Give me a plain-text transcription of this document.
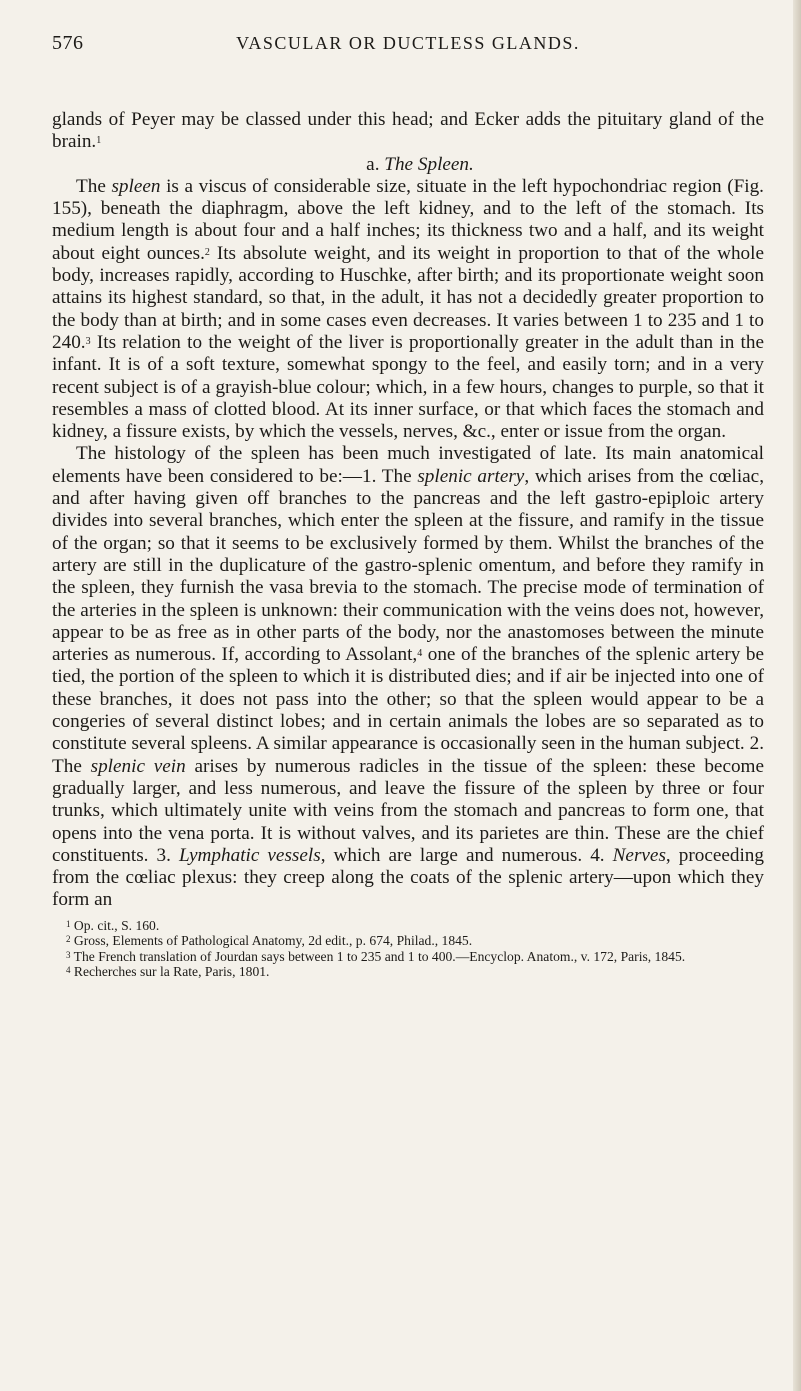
576	VASCULAR OR DUCTLESS GLANDS.

glands of Peyer may be classed under this head; and Ecker adds the pituitary gland of the brain.$^1$

a. The Spleen.

The spleen is a viscus of considerable size, situate in the left hypochondriac region (Fig. 155), beneath the diaphragm, above the left kidney, and to the left of the stomach. Its medium length is about four and a half inches; its thickness two and a half, and its weight about eight ounces.$^2$ Its absolute weight, and its weight in proportion to that of the whole body, increases rapidly, according to Huschke, after birth; and its proportionate weight soon attains its highest standard, so that, in the adult, it has not a decidedly greater proportion to the body than at birth; and in some cases even decreases. It varies between 1 to 235 and 1 to 240.$^3$ Its relation to the weight of the liver is proportionally greater in the adult than in the infant. It is of a soft texture, somewhat spongy to the feel, and easily torn; and in a very recent subject is of a grayish-blue colour; which, in a few hours, changes to purple, so that it resembles a mass of clotted blood. At its inner surface, or that which faces the stomach and kidney, a fissure exists, by which the vessels, nerves, &c., enter or issue from the organ.

The histology of the spleen has been much investigated of late. Its main anatomical elements have been considered to be:—1. The splenic artery, which arises from the cœliac, and after having given off branches to the pancreas and the left gastro-epiploic artery divides into several branches, which enter the spleen at the fissure, and ramify in the tissue of the organ; so that it seems to be exclusively formed by them. Whilst the branches of the artery are still in the duplicature of the gastro-splenic omentum, and before they ramify in the spleen, they furnish the vasa brevia to the stomach. The precise mode of termination of the arteries in the spleen is unknown: their communication with the veins does not, however, appear to be as free as in other parts of the body, nor the anastomoses between the minute arteries as numerous. If, according to Assolant,$^4$ one of the branches of the splenic artery be tied, the portion of the spleen to which it is distributed dies; and if air be injected into one of these branches, it does not pass into the other; so that the spleen would appear to be a congeries of several distinct lobes; and in certain animals the lobes are so separated as to constitute several spleens. A similar appearance is occasionally seen in the human subject. 2. The splenic vein arises by numerous radicles in the tissue of the spleen: these become gradually larger, and less numerous, and leave the fissure of the spleen by three or four trunks, which ultimately unite with veins from the stomach and pancreas to form one, that opens into the vena porta. It is without valves, and its parietes are thin. These are the chief constituents. 3. Lymphatic vessels, which are large and numerous. 4. Nerves, proceeding from the cœliac plexus: they creep along the coats of the splenic artery—upon which they form an

$^1$ Op. cit., S. 160.

$^2$ Gross, Elements of Pathological Anatomy, 2d edit., p. 674, Philad., 1845.

$^3$ The French translation of Jourdan says between 1 to 235 and 1 to 400.—Encyclop. Anatom., v. 172, Paris, 1845.

$^4$ Recherches sur la Rate, Paris, 1801.
